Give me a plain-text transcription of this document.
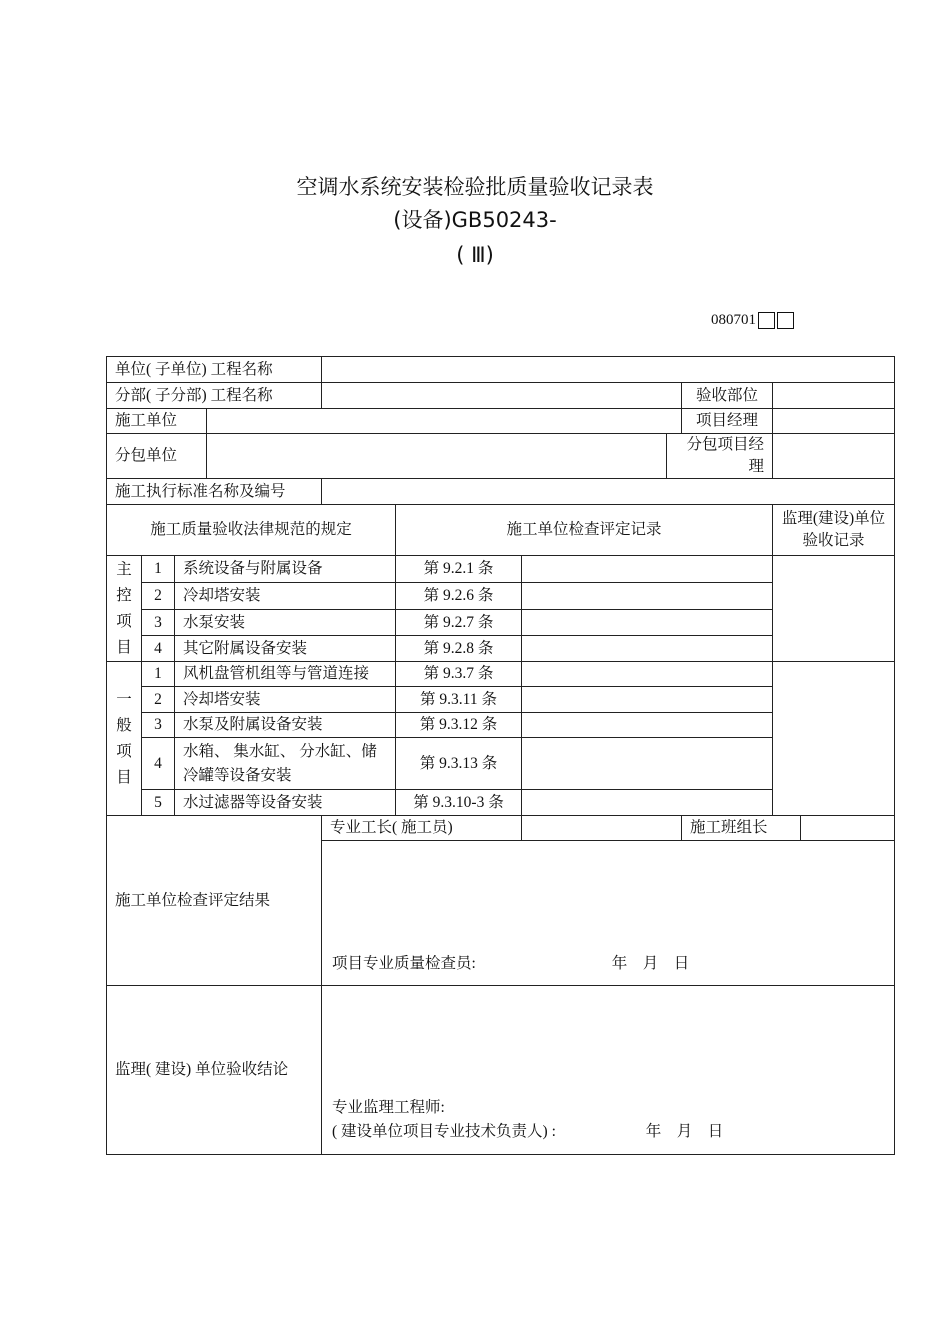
空调水系统安装检验批质量验收记录表
(设备)GB50243-
( Ⅲ)
080701
单位( 子单位) 工程名称										
分部( 子分部) 工程名称								验收部位		
施工单位								项目经理		
分包单位							分包项目经理			
施工执行标准名称及编号										
施工质量验收法律规范的规定					施工单位检查评定记录				监理(建设)单位验收记录	

主
控
项
目	1	系统设备与附属设备			第 9.2.1 条					
	2	冷却塔安装			第 9.2.6 条					
	3	水泵安装			第 9.2.7 条					
	4	其它附属设备安装			第 9.2.8 条					

一
般
项
目	1	风机盘管机组等与管道连接			第 9.3.7 条					
	2	冷却塔安装			第 9.3.11 条					
	3	水泵及附属设备安装			第 9.3.12 条					
	4	水箱、 集水缸、 分水缸、储冷罐等设备安装			第 9.3.13 条					
	5	水过滤器等设备安装			第 9.3.10-3 条					
施工单位检查评定结果				专业工长( 施工员)				施工班组长		
				项目专业质量检查员: 年    月    日						
监理( 建设) 单位验收结论				专业监理工程师:
( 建设单位项目专业技术负责人) : 年    月    日						
